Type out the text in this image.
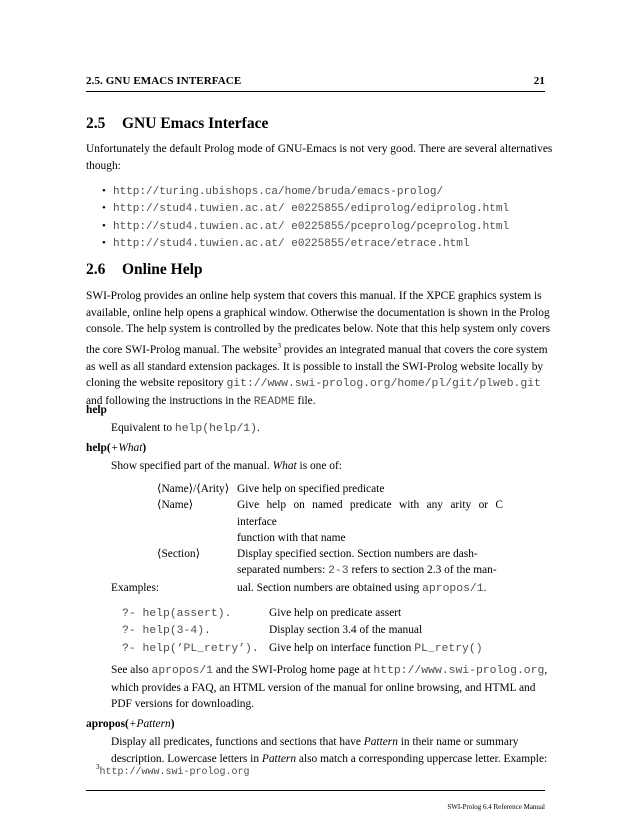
2.5. GNU EMACS INTERFACE	21
2.5 GNU Emacs Interface
Unfortunately the default Prolog mode of GNU-Emacs is not very good. There are several alternatives
though:
• http://turing.ubishops.ca/home/bruda/emacs-prolog/
• http://stud4.tuwien.ac.at/ e0225855/ediprolog/ediprolog.html
• http://stud4.tuwien.ac.at/ e0225855/pceprolog/pceprolog.html
• http://stud4.tuwien.ac.at/ e0225855/etrace/etrace.html
2.6 Online Help
SWI-Prolog provides an online help system that covers this manual. If the XPCE graphics system is
available, online help opens a graphical window. Otherwise the documentation is shown in the Prolog
console. The help system is controlled by the predicates below. Note that this help system only covers
the core SWI-Prolog manual. The website$^3$ provides an integrated manual that covers the core system
as well as all standard extension packages. It is possible to install the SWI-Prolog website locally by
cloning the website repository git://www.swi-prolog.org/home/pl/git/plweb.git
and following the instructions in the README file.
help
Equivalent to help(help/1).
help(+What)
Show specified part of the manual. What is one of:
⟨Name⟩/⟨Arity⟩ Give help on specified predicate
⟨Name⟩	Give help on named predicate with any arity or C interface
function with that name
⟨Section⟩	Display specified section. Section numbers are dash-
separated numbers: 2-3 refers to section 2.3 of the man-
ual. Section numbers are obtained using apropos/1.
Examples:
?- help(assert).	Give help on predicate assert
?- help(3-4).	Display section 3.4 of the manual
?- help(’PL_retry’). Give help on interface function PL_retry()
See also apropos/1 and the SWI-Prolog home page at http://www.swi-prolog.org,
which provides a FAQ, an HTML version of the manual for online browsing, and HTML and
PDF versions for downloading.
apropos(+Pattern)
Display all predicates, functions and sections that have Pattern in their name or summary
description. Lowercase letters in Pattern also match a corresponding uppercase letter. Example:
$^3$http://www.swi-prolog.org
SWI-Prolog 6.4 Reference Manual
